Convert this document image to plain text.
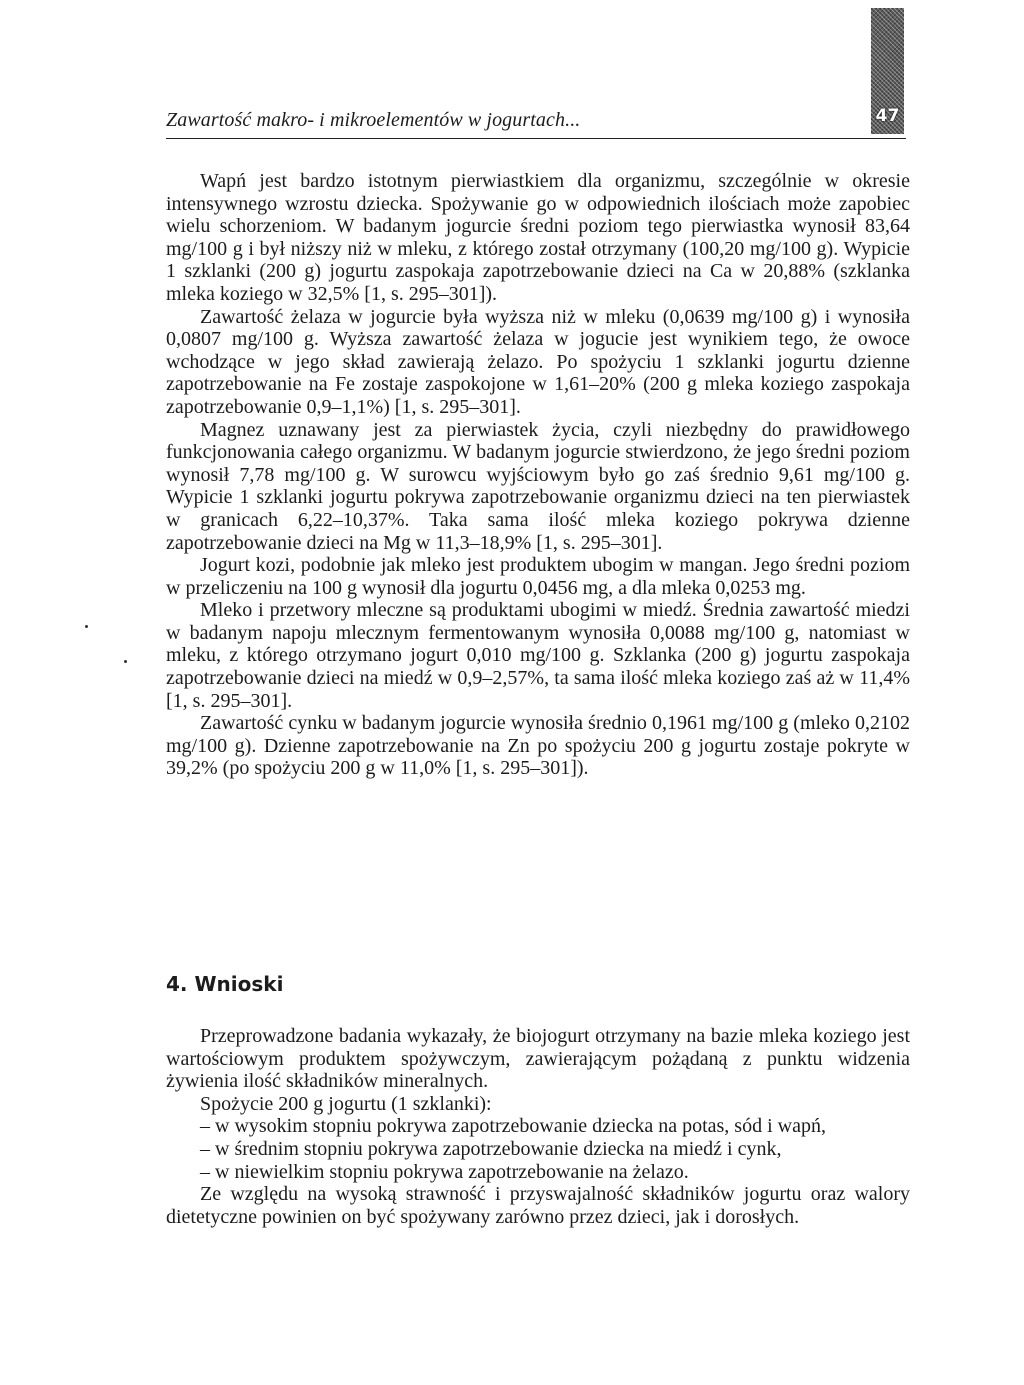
47
Zawartość makro- i mikroelementów w jogurtach...

Wapń jest bardzo istotnym pierwiastkiem dla organizmu, szczególnie w okresie intensywnego wzrostu dziecka. Spożywanie go w odpowiednich ilościach może zapobiec wielu schorzeniom. W badanym jogurcie średni poziom tego pierwiastka wynosił 83,64 mg/100 g i był niższy niż w mleku, z którego został otrzymany (100,20 mg/100 g). Wypicie 1 szklanki (200 g) jogurtu zaspokaja zapotrzebowanie dzieci na Ca w 20,88% (szklanka mleka koziego w 32,5% [1, s. 295–301]).

Zawartość żelaza w jogurcie była wyższa niż w mleku (0,0639 mg/100 g) i wynosiła 0,0807 mg/100 g. Wyższa zawartość żelaza w jogucie jest wynikiem tego, że owoce wchodzące w jego skład zawierają żelazo. Po spożyciu 1 szklanki jogurtu dzienne zapotrzebowanie na Fe zostaje zaspokojone w 1,61–20% (200 g mleka koziego zaspokaja zapotrzebowanie 0,9–1,1%) [1, s. 295–301].

Magnez uznawany jest za pierwiastek życia, czyli niezbędny do prawidłowego funkcjonowania całego organizmu. W badanym jogurcie stwierdzono, że jego średni poziom wynosił 7,78 mg/100 g. W surowcu wyjściowym było go zaś średnio 9,61 mg/100 g. Wypicie 1 szklanki jogurtu pokrywa zapotrzebowanie organizmu dzieci na ten pierwiastek w granicach 6,22–10,37%. Taka sama ilość mleka koziego pokrywa dzienne zapotrzebowanie dzieci na Mg w 11,3–18,9% [1, s. 295–301].

Jogurt kozi, podobnie jak mleko jest produktem ubogim w mangan. Jego średni poziom w przeliczeniu na 100 g wynosił dla jogurtu 0,0456 mg, a dla mleka 0,0253 mg.

Mleko i przetwory mleczne są produktami ubogimi w miedź. Średnia zawartość miedzi w badanym napoju mlecznym fermentowanym wynosiła 0,0088 mg/100 g, natomiast w mleku, z którego otrzymano jogurt 0,010 mg/100 g. Szklanka (200 g) jogurtu zaspokaja zapotrzebowanie dzieci na miedź w 0,9–2,57%, ta sama ilość mleka koziego zaś aż w 11,4% [1, s. 295–301].

Zawartość cynku w badanym jogurcie wynosiła średnio 0,1961 mg/100 g (mleko 0,2102 mg/100 g). Dzienne zapotrzebowanie na Zn po spożyciu 200 g jogurtu zostaje pokryte w 39,2% (po spożyciu 200 g w 11,0% [1, s. 295–301]).

4. Wnioski

Przeprowadzone badania wykazały, że biojogurt otrzymany na bazie mleka koziego jest wartościowym produktem spożywczym, zawierającym pożądaną z punktu widzenia żywienia ilość składników mineralnych.

Spożycie 200 g jogurtu (1 szklanki):

– w wysokim stopniu pokrywa zapotrzebowanie dziecka na potas, sód i wapń,

– w średnim stopniu pokrywa zapotrzebowanie dziecka na miedź i cynk,

– w niewielkim stopniu pokrywa zapotrzebowanie na żelazo.

Ze względu na wysoką strawność i przyswajalność składników jogurtu oraz walory dietetyczne powinien on być spożywany zarówno przez dzieci, jak i dorosłych.
